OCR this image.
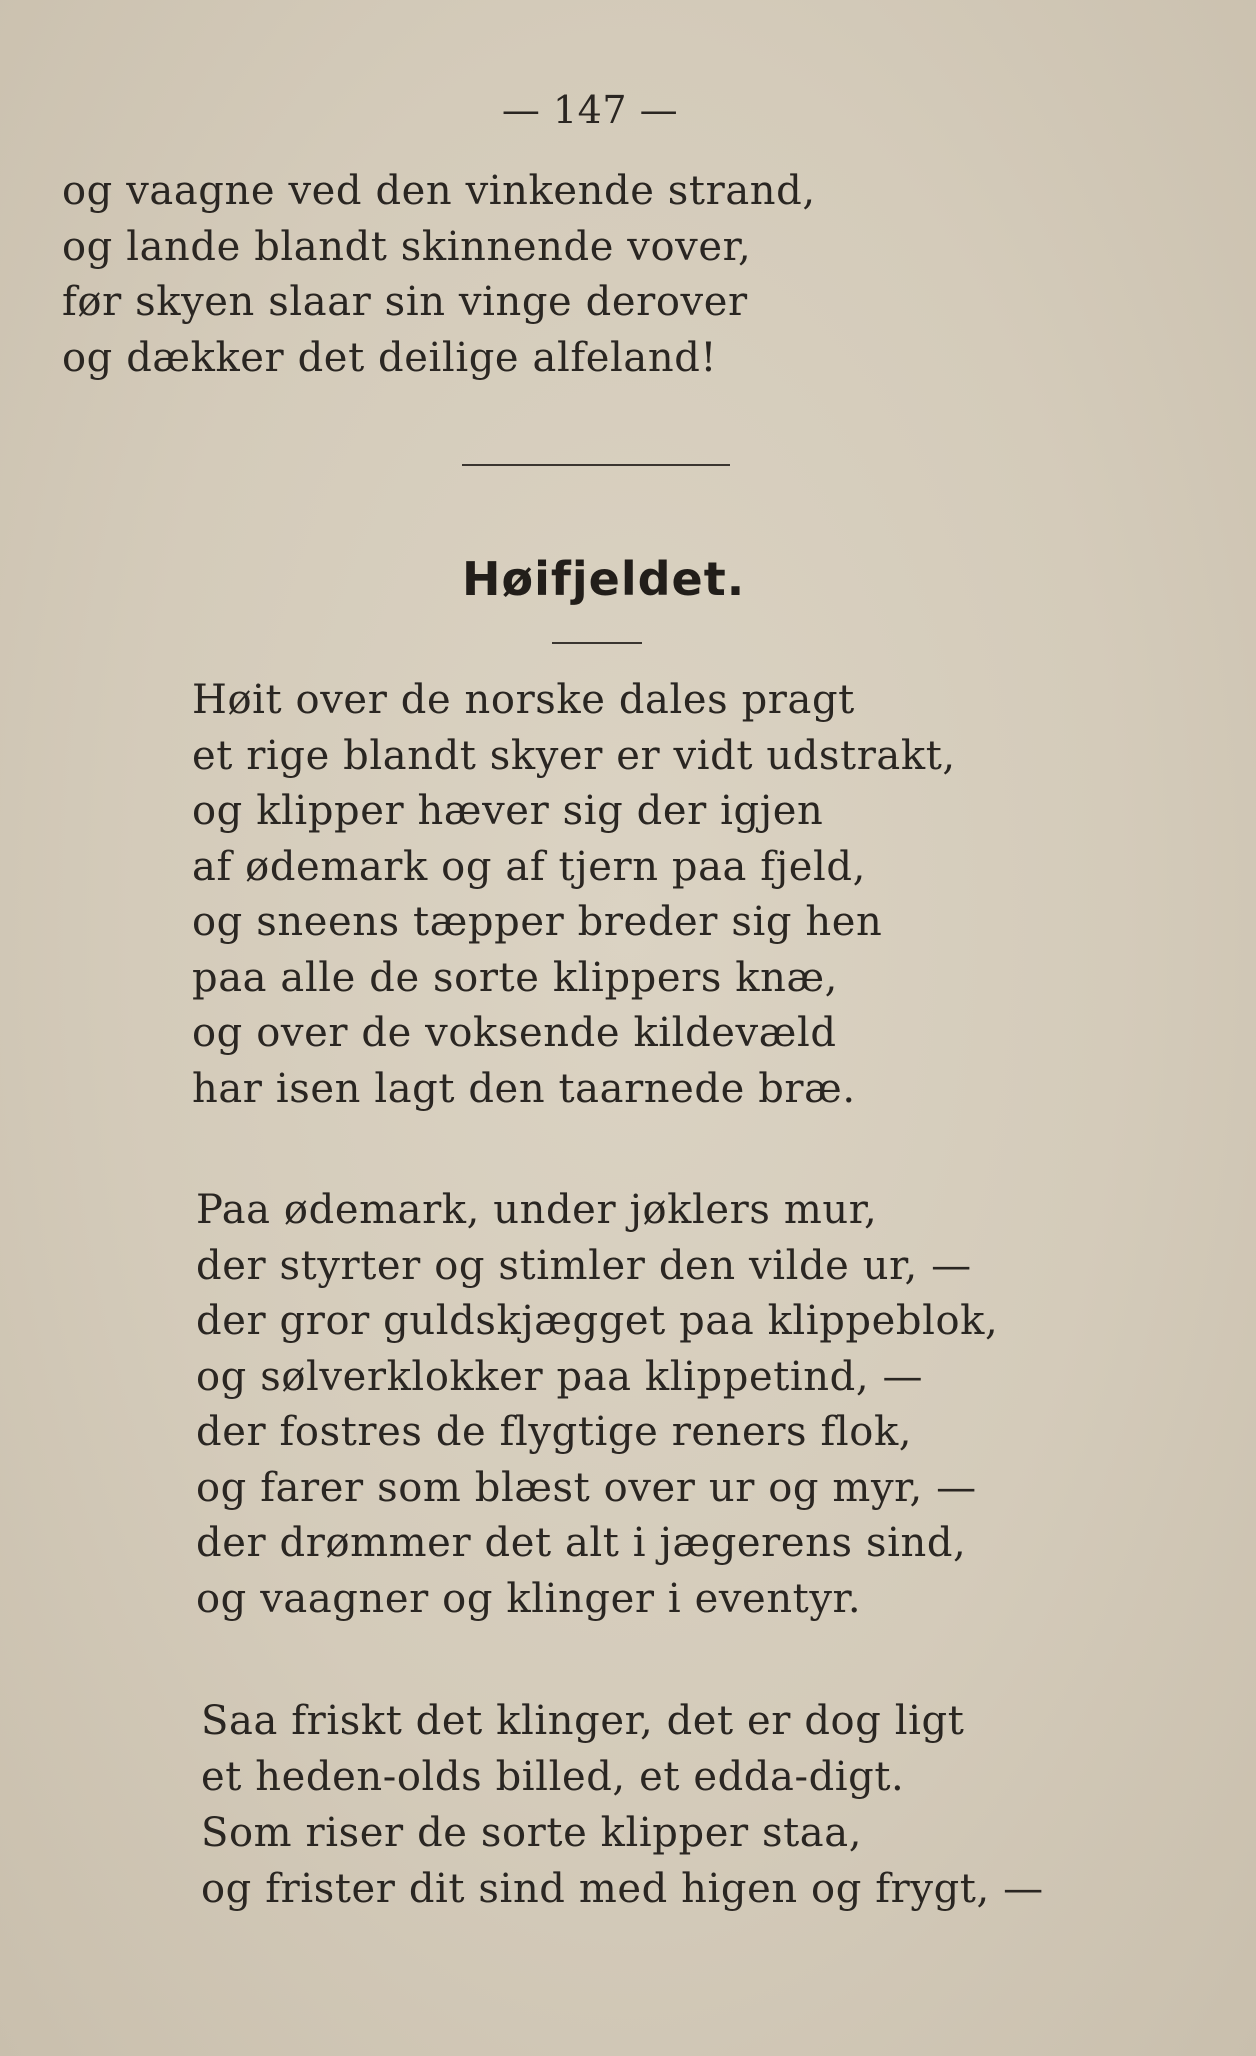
— 147 —
og vaagne ved den vinkende strand,
og lande blandt skinnende vover,
før skyen slaar sin vinge derover
og dækker det deilige alfeland!
Høifjeldet.
Høit over de norske dales pragt
et rige blandt skyer er vidt udstrakt,
og klipper hæver sig der igjen
af ødemark og af tjern paa fjeld,
og sneens tæpper breder sig hen
paa alle de sorte klippers knæ,
og over de voksende kildevæld
har isen lagt den taarnede bræ.
Paa ødemark, under jøklers mur,
der styrter og stimler den vilde ur, —
der gror guldskjægget paa klippeblok,
og sølverklokker paa klippetind, —
der fostres de flygtige reners flok,
og farer som blæst over ur og myr, —
der drømmer det alt i jægerens sind,
og vaagner og klinger i eventyr.
Saa friskt det klinger, det er dog ligt
et heden-olds billed, et edda-digt.
Som riser de sorte klipper staa,
og frister dit sind med higen og frygt, —
